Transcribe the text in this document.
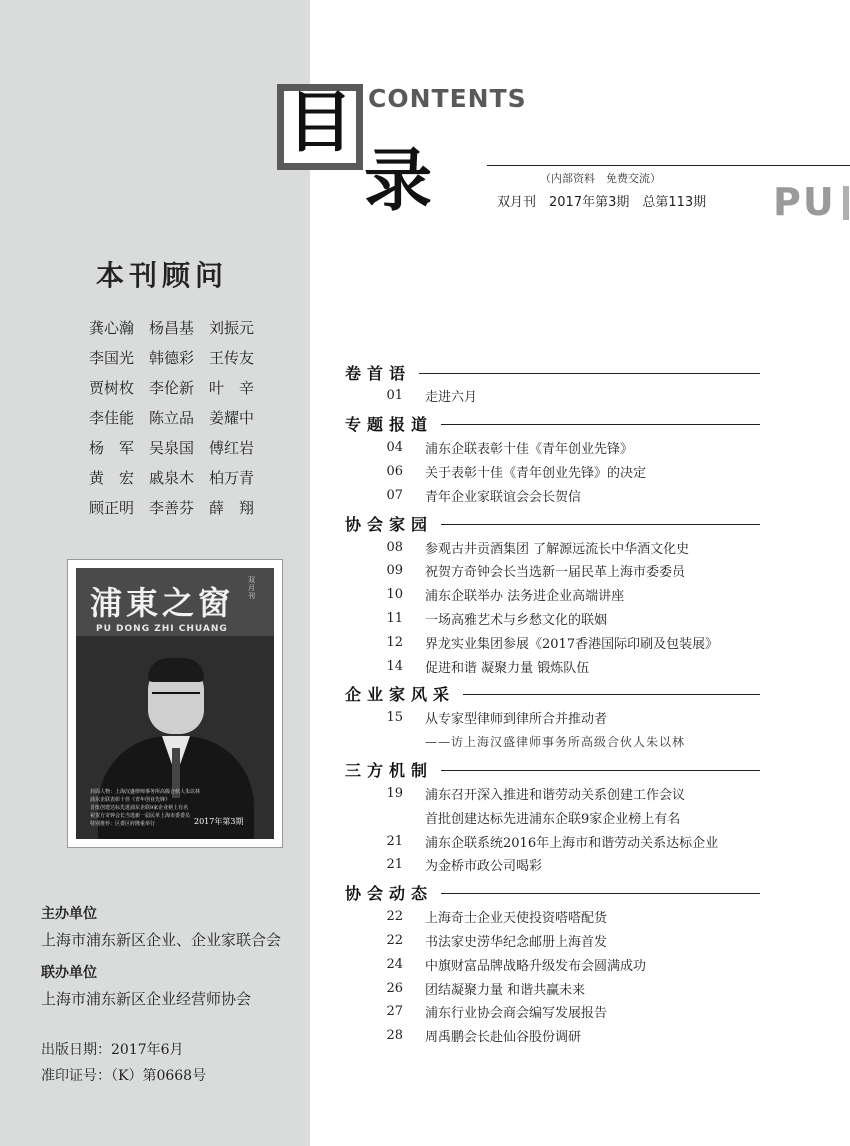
目 CONTENTS
录	（内部资料　免费交流）
双月刊　2017年第3期　总第113期 PU
本刊顾问
龚心瀚 杨昌基 刘振元
李国光 韩德彩 王传友
贾树枚 李伦新 叶　辛
李佳能 陈立品 姜耀中
杨　军 吴泉国 傅红岩
黄　宏 戚泉木 柏万青
顾正明 李善芬 薛　翔
浦東之窗
双月刊
PU DONG ZHI CHUANG
封面人物：上海汉盛律师事务所高级合伙人朱以林
浦东企联表彰十佳《青年创业先锋》
首批创建达标先进浦东企联9家企业榜上有名
祝贺方奇钟会长当选新一届民革上海市委委员
特别推荐：区委区府隆重举行	2017年第3期
主办单位
上海市浦东新区企业、企业家联合会
联办单位
上海市浦东新区企业经营师协会
出版日期：2017年6月
准印证号：（K）第0668号
卷首语
01	走进六月
专题报道
04	浦东企联表彰十佳《青年创业先锋》
06	关于表彰十佳《青年创业先锋》的决定
07	青年企业家联谊会会长贺信
协会家园
08	参观古井贡酒集团 了解源远流长中华酒文化史
09	祝贺方奇钟会长当选新一届民革上海市委委员
10	浦东企联举办 法务进企业高端讲座
11	一场高雅艺术与乡愁文化的联姻
12	界龙实业集团参展《2017香港国际印刷及包装展》
14	促进和谐 凝聚力量 锻炼队伍
企业家风采
15	从专家型律师到律所合并推动者
——访上海汉盛律师事务所高级合伙人朱以林
三方机制
19	浦东召开深入推进和谐劳动关系创建工作会议
首批创建达标先进浦东企联9家企业榜上有名
21	浦东企联系统2016年上海市和谐劳动关系达标企业
21	为金桥市政公司喝彩
协会动态
22	上海奇士企业天使投资嗒嗒配货
22	书法家史涝华纪念邮册上海首发
24	中旗财富品牌战略升级发布会圆满成功
26	团结凝聚力量 和谐共赢未来
27	浦东行业协会商会编写发展报告
28	周禹鹏会长赴仙谷股份调研
